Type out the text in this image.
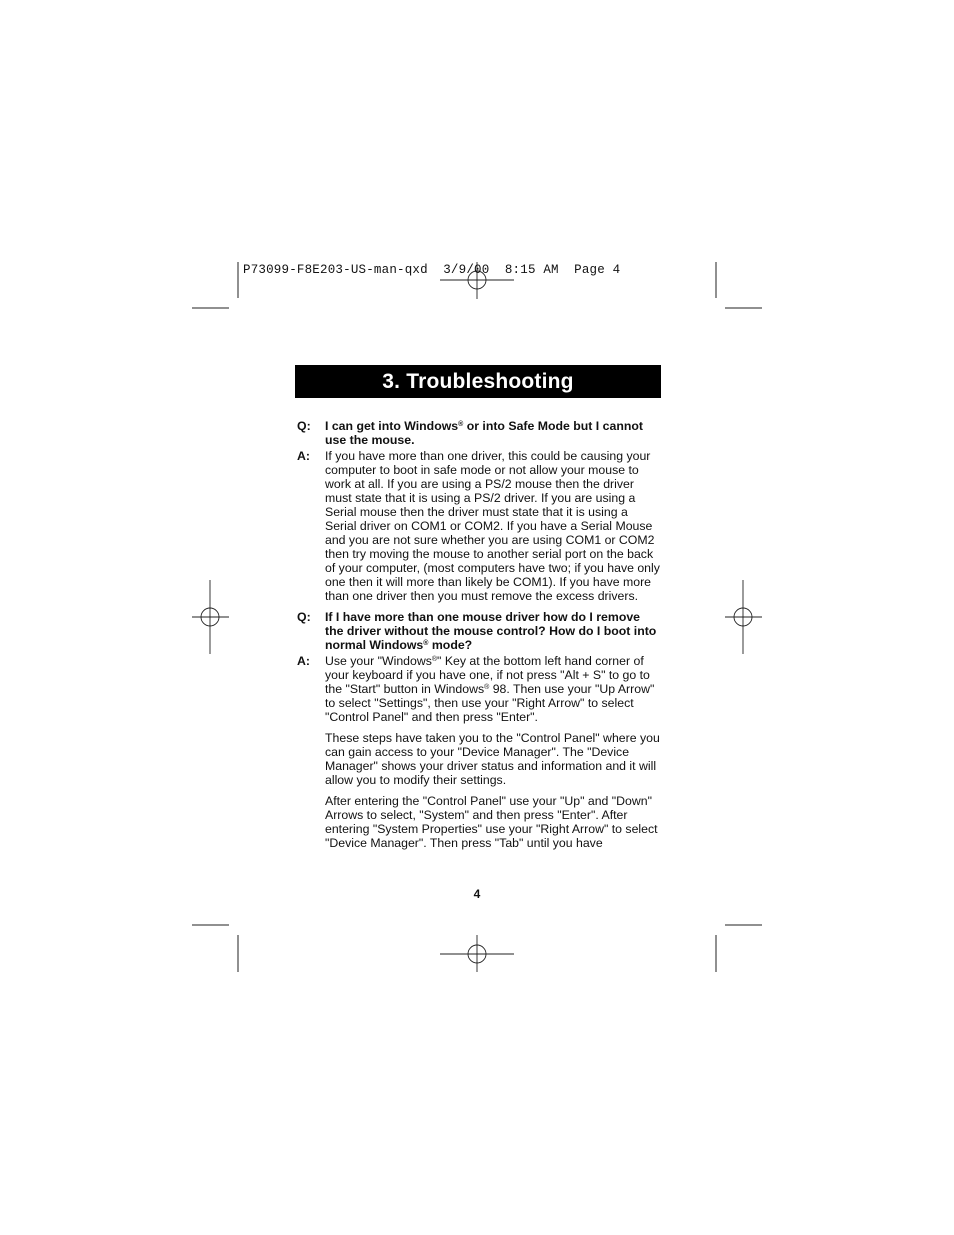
P73099-F8E203-US-man-qxd  3/9/00  8:15 AM  Page 4
3. Troubleshooting
Q:	I can get into Windows® or into Safe Mode but I cannot use the mouse.
A:	If you have more than one driver, this could be causing your computer to boot in safe mode or not allow your mouse to work at all. If you are using a PS/2 mouse then the driver must state that it is using a PS/2 driver. If you are using a Serial mouse then the driver must state that it is using a Serial driver on COM1 or COM2. If you have a Serial Mouse and you are not sure whether you are using COM1 or COM2 then try moving the mouse to another serial port on the back of your computer, (most computers have two; if you have only one then it will more than likely be COM1). If you have more than one driver then you must remove the excess drivers.
Q:	If I have more than one mouse driver how do I remove the driver without the mouse control? How do I boot into normal Windows® mode?
A:	Use your "Windows®" Key at the bottom left hand corner of your keyboard if you have one, if not press "Alt + S" to go to the "Start" button in Windows® 98. Then use your "Up Arrow" to select "Settings", then use your "Right Arrow" to select "Control Panel" and then press "Enter".
These steps have taken you to the "Control Panel" where you can gain access to your "Device Manager". The "Device Manager" shows your driver status and information and it will allow you to modify their settings.
After entering the "Control Panel" use your "Up" and "Down" Arrows to select, "System" and then press "Enter". After entering "System Properties" use your "Right Arrow" to select "Device Manager". Then press "Tab" until you have
4
